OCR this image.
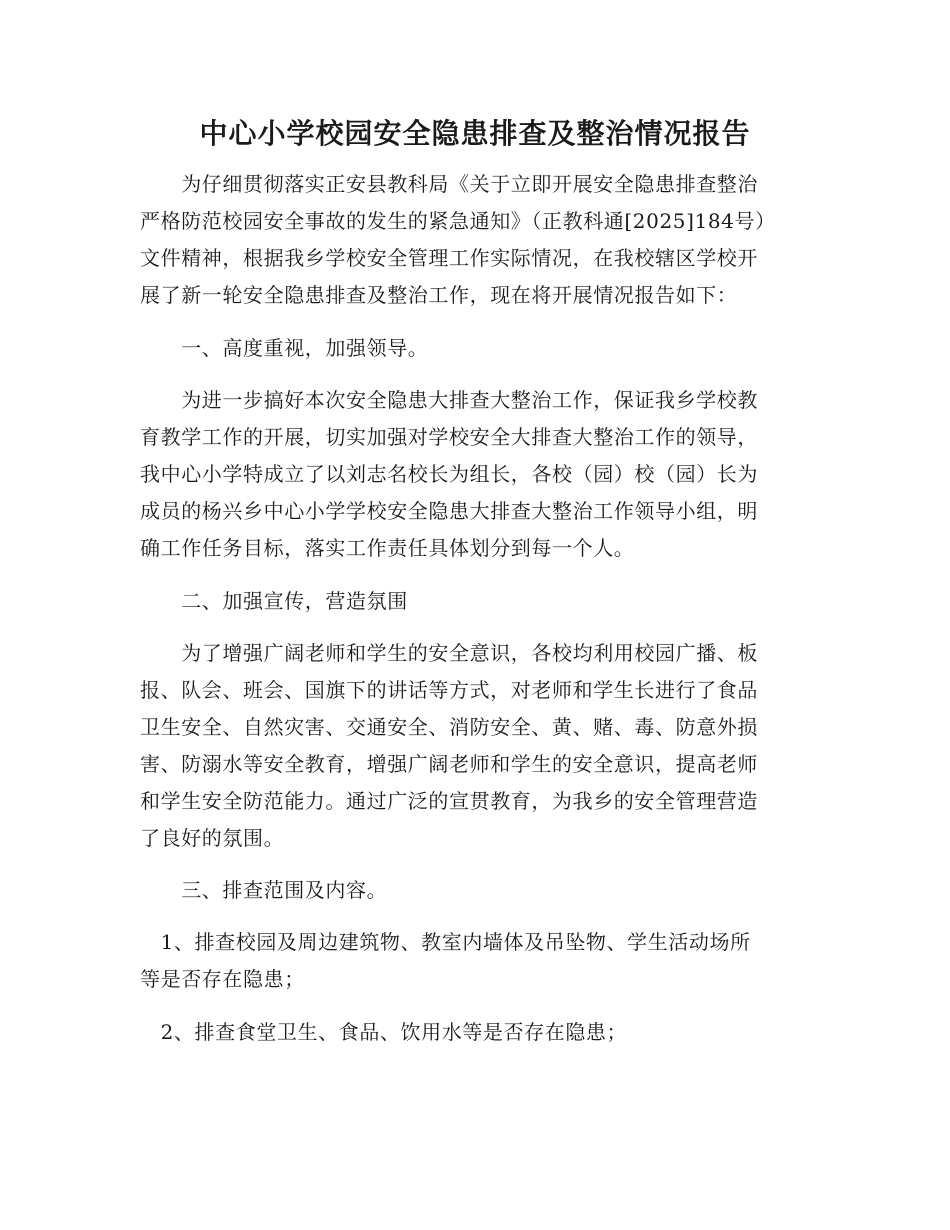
中心小学校园安全隐患排查及整治情况报告
　　为仔细贯彻落实正安县教科局《关于立即开展安全隐患排查整治
严格防范校园安全事故的发生的紧急通知》（正教科通[2025]184号）
文件精神，根据我乡学校安全管理工作实际情况，在我校辖区学校开
展了新一轮安全隐患排查及整治工作，现在将开展情况报告如下：
　　一、高度重视，加强领导。
　　为进一步搞好本次安全隐患大排查大整治工作，保证我乡学校教
育教学工作的开展，切实加强对学校安全大排查大整治工作的领导，
我中心小学特成立了以刘志名校长为组长，各校（园）校（园）长为
成员的杨兴乡中心小学学校安全隐患大排查大整治工作领导小组，明
确工作任务目标，落实工作责任具体划分到每一个人。
　　二、加强宣传，营造氛围
　　为了增强广阔老师和学生的安全意识，各校均利用校园广播、板
报、队会、班会、国旗下的讲话等方式，对老师和学生长进行了食品
卫生安全、自然灾害、交通安全、消防安全、黄、赌、毒、防意外损
害、防溺水等安全教育，增强广阔老师和学生的安全意识，提高老师
和学生安全防范能力。通过广泛的宣贯教育，为我乡的安全管理营造
了良好的氛围。
　　三、排查范围及内容。
　1、排查校园及周边建筑物、教室内墙体及吊坠物、学生活动场所
等是否存在隐患；
　2、排查食堂卫生、食品、饮用水等是否存在隐患；
